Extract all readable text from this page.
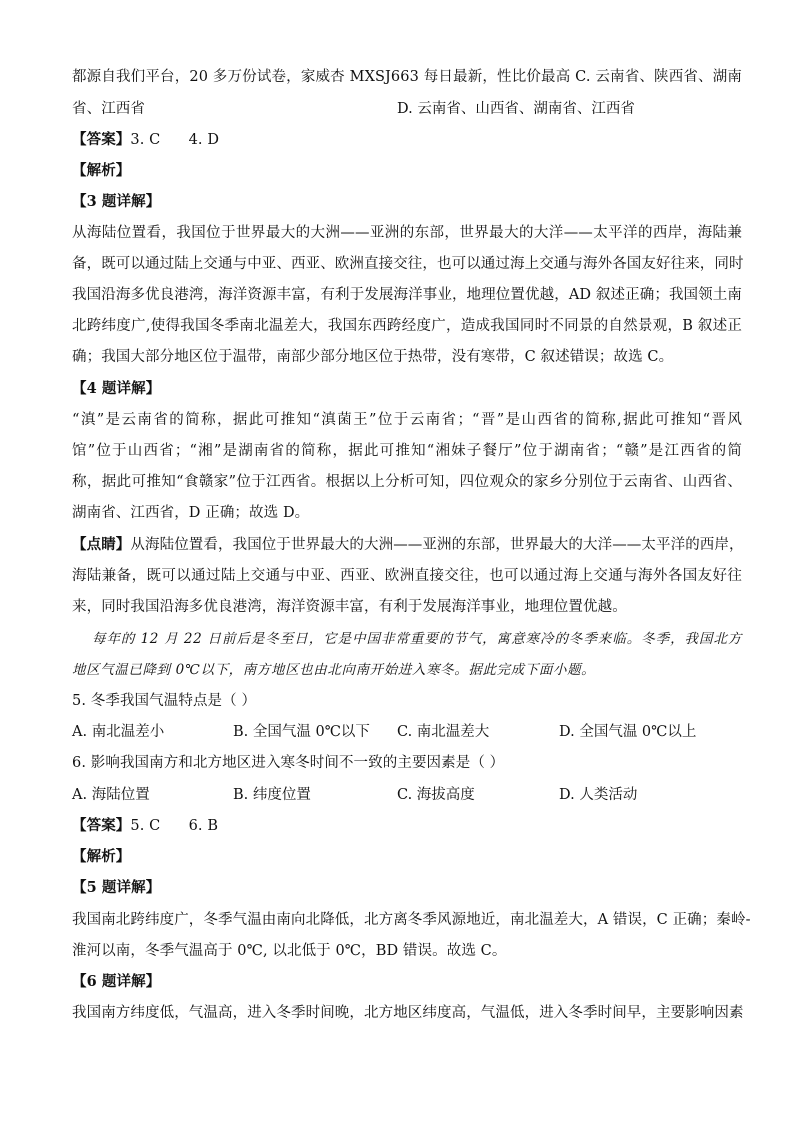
都源自我们平台，20 多万份试卷，家威杏 MXSJ663 每日最新，性比价最高 C. 云南省、陕西省、湖南
省、江西省	D. 云南省、山西省、湖南省、江西省
【答案】3. C      4. D
【解析】
【3 题详解】
从海陆位置看，我国位于世界最大的大洲——亚洲的东部，世界最大的大洋——太平洋的西岸，海陆兼
备，既可以通过陆上交通与中亚、西亚、欧洲直接交往，也可以通过海上交通与海外各国友好往来，同时
我国沿海多优良港湾，海洋资源丰富，有利于发展海洋事业，地理位置优越，AD 叙述正确；我国领土南
北跨纬度广,使得我国冬季南北温差大，我国东西跨经度广，造成我国同时不同景的自然景观，B 叙述正
确；我国大部分地区位于温带，南部少部分地区位于热带，没有寒带，C 叙述错误；故选 C。
【4 题详解】
“滇”是云南省的简称，据此可推知“滇菌王”位于云南省；“晋”是山西省的简称,据此可推知“晋风
馆”位于山西省；“湘”是湖南省的简称，据此可推知“湘妹子餐厅”位于湖南省；“赣”是江西省的简
称，据此可推知“食赣家”位于江西省。根据以上分析可知，四位观众的家乡分别位于云南省、山西省、
湖南省、江西省，D 正确；故选 D。
【点睛】从海陆位置看，我国位于世界最大的大洲——亚洲的东部，世界最大的大洋——太平洋的西岸，
海陆兼备，既可以通过陆上交通与中亚、西亚、欧洲直接交往，也可以通过海上交通与海外各国友好往
来，同时我国沿海多优良港湾，海洋资源丰富，有利于发展海洋事业，地理位置优越。
每年的 12 月 22 日前后是冬至日，它是中国非常重要的节气，寓意寒冷的冬季来临。冬季，我国北方
地区气温已降到 0℃以下，南方地区也由北向南开始进入寒冬。据此完成下面小题。
5. 冬季我国气温特点是（ ）
A. 南北温差小	B. 全国气温 0℃以下 C. 南北温差大	D. 全国气温 0℃以上
6. 影响我国南方和北方地区进入寒冬时间不一致的主要因素是（ ）
A. 海陆位置	B. 纬度位置	C. 海拔高度	D. 人类活动
【答案】5. C      6. B
【解析】
【5 题详解】
我国南北跨纬度广，冬季气温由南向北降低，北方离冬季风源地近，南北温差大，A 错误，C 正确；秦岭-
淮河以南，冬季气温高于 0℃, 以北低于 0℃，BD 错误。故选 C。
【6 题详解】
我国南方纬度低，气温高，进入冬季时间晚，北方地区纬度高，气温低，进入冬季时间早，主要影响因素
